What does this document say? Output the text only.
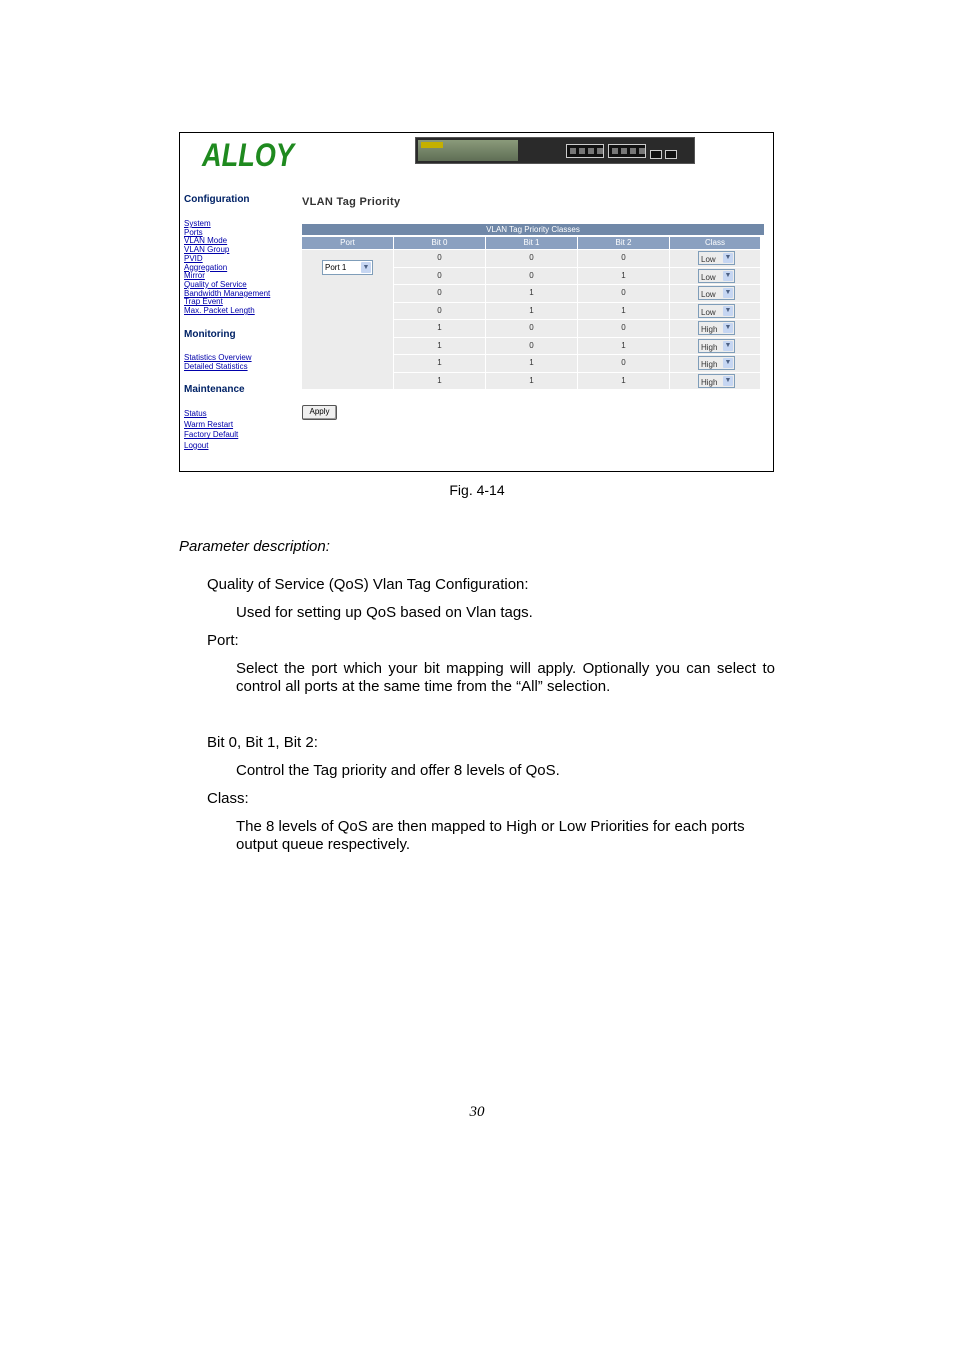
ALLOY
Configuration
System
Ports
VLAN Mode
VLAN Group
PVID
Aggregation
Mirror
Quality of Service
Bandwidth Management
Trap Event
Max. Packet Length
Monitoring
Statistics Overview
Detailed Statistics
Maintenance
Status
Warm Restart
Factory Default
Logout
VLAN Tag Priority
VLAN Tag Priority Classes
Port	Bit 0	Bit 1	Bit 2	Class
Port 1 ▼
0	0	0	Low ▼
0	0	1	Low ▼
0	1	0	Low ▼
0	1	1	Low ▼
1	0	0	High ▼
1	0	1	High ▼
1	1	0	High ▼
1	1	1	High ▼
Apply
Fig. 4-14
Parameter description:
Quality of Service (QoS) Vlan Tag Configuration:
Used for setting up QoS based on Vlan tags.
Port:
Select the port which your bit mapping will apply. Optionally you can select to control all ports at the same time from the “All” selection.
Bit 0, Bit 1, Bit 2:
Control the Tag priority and offer 8 levels of QoS.
Class:
The 8 levels of QoS are then mapped to High or Low Priorities for each ports output queue respectively.
30
